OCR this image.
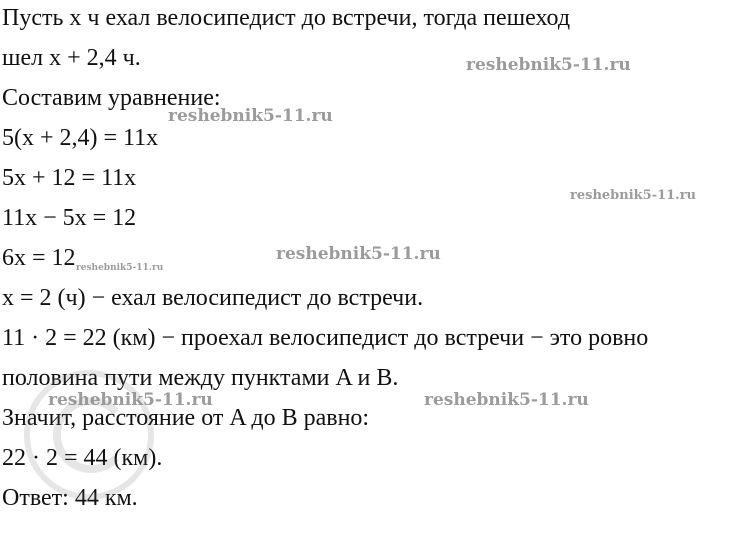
Пусть x ч ехал велосипедист до встречи, тогда пешеход
шел x + 2,4 ч.
Составим уравнение:
5(x + 2,4) = 11x
5x + 12 = 11x
11x − 5x = 12
6x = 12
x = 2 (ч) − ехал велосипедист до встречи.
11 · 2 = 22 (км) − проехал велосипедист до встречи − это ровно
половина пути между пунктами A и B.
Значит, расстояние от A до B равно:
22 · 2 = 44 (км).
Ответ: 44 км.
reshebnik5-11.ru
reshebnik5-11.ru
reshebnik5-11.ru
reshebnik5-11.ru
reshebnik5-11.ru
reshebnik5-11.ru
reshebnik5-11.ru
